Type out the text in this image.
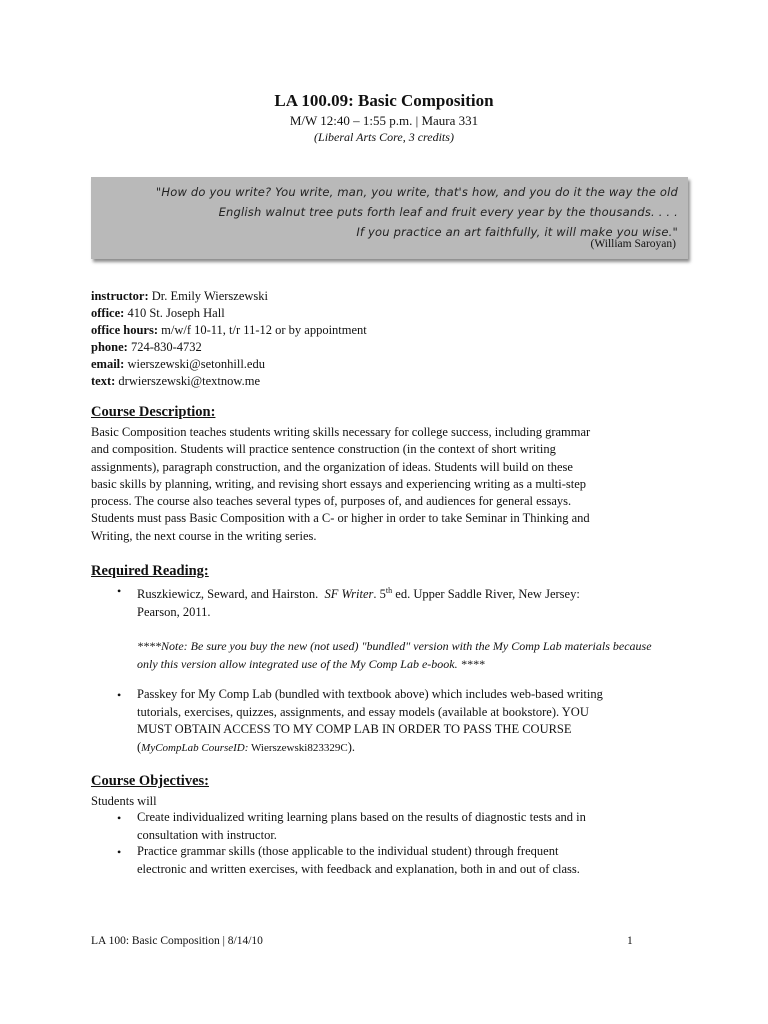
LA 100.09: Basic Composition
M/W 12:40 – 1:55 p.m. | Maura 331
(Liberal Arts Core, 3 credits)
"How do you write? You write, man, you write, that's how, and you do it the way the old
English walnut tree puts forth leaf and fruit every year by the thousands. . . .
If you practice an art faithfully, it will make you wise."
(William Saroyan)
instructor: Dr. Emily Wierszewski
office: 410 St. Joseph Hall
office hours: m/w/f 10-11, t/r 11-12 or by appointment
phone: 724-830-4732
email: wierszewski@setonhill.edu
text: drwierszewski@textnow.me
Course Description:
Basic Composition teaches students writing skills necessary for college success, including grammar
and composition. Students will practice sentence construction (in the context of short writing
assignments), paragraph construction, and the organization of ideas. Students will build on these
basic skills by planning, writing, and revising short essays and experiencing writing as a multi-step
process. The course also teaches several types of, purposes of, and audiences for general essays.
Students must pass Basic Composition with a C- or higher in order to take Seminar in Thinking and
Writing, the next course in the writing series.
Required Reading:
• Ruszkiewicz, Seward, and Hairston. SF Writer. 5th ed. Upper Saddle River, New Jersey:
Pearson, 2011.
****Note: Be sure you buy the new (not used) "bundled" version with the My Comp Lab materials because
only this version allow integrated use of the My Comp Lab e-book. ****
• Passkey for My Comp Lab (bundled with textbook above) which includes web-based writing
tutorials, exercises, quizzes, assignments, and essay models (available at bookstore). YOU
MUST OBTAIN ACCESS TO MY COMP LAB IN ORDER TO PASS THE COURSE
(MyCompLab CourseID: Wierszewski823329C).
Course Objectives:
Students will
• Create individualized writing learning plans based on the results of diagnostic tests and in
consultation with instructor.
• Practice grammar skills (those applicable to the individual student) through frequent
electronic and written exercises, with feedback and explanation, both in and out of class.
LA 100: Basic Composition | 8/14/10	1
